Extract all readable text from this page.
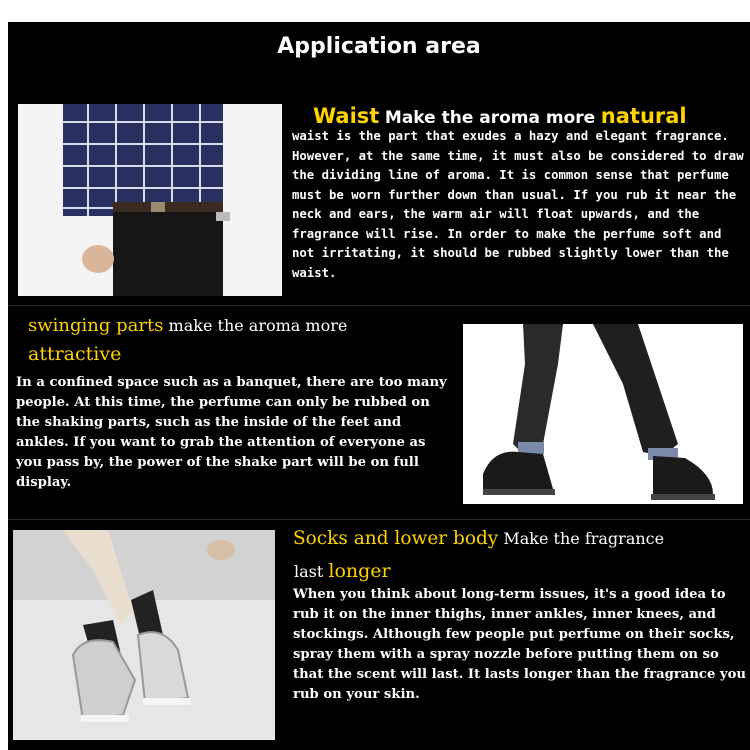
Application area
Waist Make the aroma more natural
waist is the part that exudes a hazy and elegant fragrance. However, at the same time, it must also be considered to draw the dividing line of aroma. It is common sense that perfume must be worn further down than usual. If you rub it near the neck and ears, the warm air will float upwards, and the fragrance will rise. In order to make the perfume soft and not irritating, it should be rubbed slightly lower than the waist.
swinging parts make the aroma more
attractive
In a confined space such as a banquet, there are too many people. At this time, the perfume can only be rubbed on the shaking parts, such as the inside of the feet and ankles. If you want to grab the attention of everyone as you pass by, the power of the shake part will be on full display.
Socks and lower body Make the fragrance
last longer
When you think about long-term issues, it's a good idea to rub it on the inner thighs, inner ankles, inner knees, and stockings. Although few people put perfume on their socks, spray them with a spray nozzle before putting them on so that the scent will last. It lasts longer than the fragrance you rub on your skin.
